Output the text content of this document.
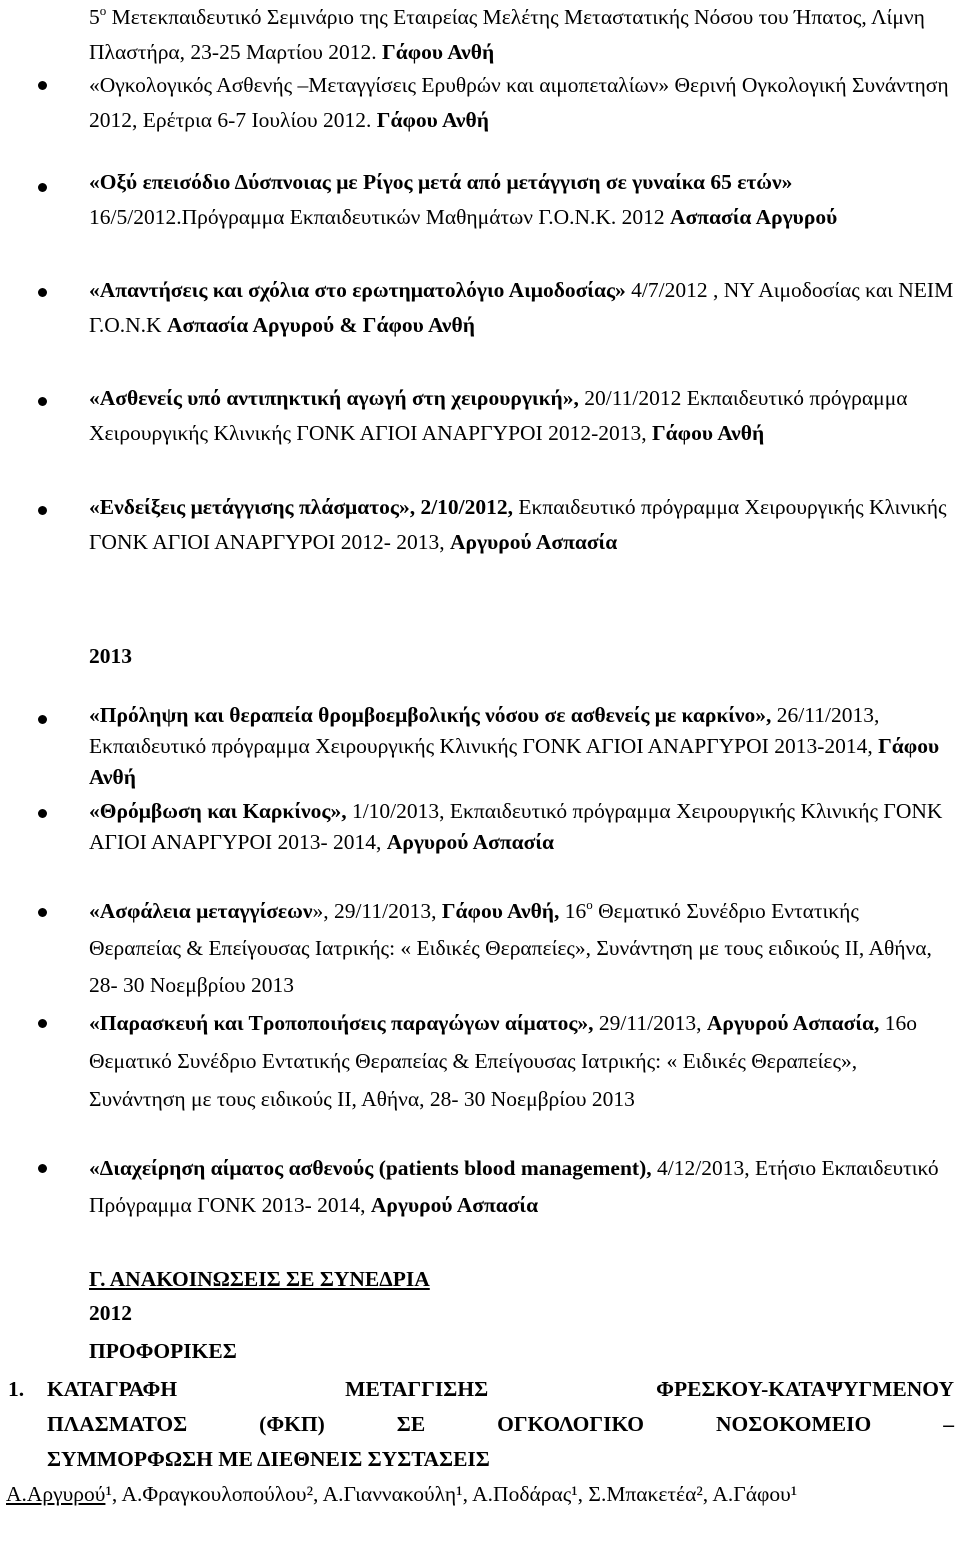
$5^o$ Μετεκπαιδευτικό Σεμινάριο της Εταιρείας Μελέτης Μεταστατικής Νόσου του Ήπατος, Λίμνη Πλαστήρα, 23-25 Μαρτίου 2012. Γάφου Ανθή
«Ογκολογικός Ασθενής –Μεταγγίσεις Ερυθρών και αιμοπεταλίων» Θερινή Ογκολογική Συνάντηση 2012, Ερέτρια 6-7 Ιουλίου 2012. Γάφου Ανθή
«Οξύ επεισόδιο Δύσπνοιας με Ρίγος μετά από μετάγγιση σε γυναίκα 65 ετών» 16/5/2012.Πρόγραμμα Εκπαιδευτικών Μαθημάτων Γ.Ο.Ν.Κ. 2012 Ασπασία Αργυρού
«Απαντήσεις και σχόλια στο ερωτηματολόγιο Αιμοδοσίας» 4/7/2012 , ΝΥ Αιμοδοσίας και ΝΕΙΜ Γ.Ο.Ν.Κ Ασπασία Αργυρού & Γάφου Ανθή
«Ασθενείς υπό αντιπηκτική αγωγή στη χειρουργική», 20/11/2012 Εκπαιδευτικό πρόγραμμα Χειρουργικής Κλινικής ΓΟΝΚ ΑΓΙΟΙ ΑΝΑΡΓΥΡΟΙ 2012-2013, Γάφου Ανθή
«Ενδείξεις μετάγγισης πλάσματος», 2/10/2012, Εκπαιδευτικό πρόγραμμα Χειρουργικής Κλινικής ΓΟΝΚ ΑΓΙΟΙ ΑΝΑΡΓΥΡΟΙ 2012- 2013, Αργυρού Ασπασία
2013
«Πρόληψη και θεραπεία θρομβοεμβολικής νόσου σε ασθενείς με καρκίνο», 26/11/2013, Εκπαιδευτικό πρόγραμμα Χειρουργικής Κλινικής ΓΟΝΚ ΑΓΙΟΙ ΑΝΑΡΓΥΡΟΙ 2013-2014, Γάφου Ανθή
«Θρόμβωση και Καρκίνος», 1/10/2013, Εκπαιδευτικό πρόγραμμα Χειρουργικής Κλινικής ΓΟΝΚ ΑΓΙΟΙ ΑΝΑΡΓΥΡΟΙ 2013- 2014, Αργυρού Ασπασία
«Ασφάλεια μεταγγίσεων», 29/11/2013, Γάφου Ανθή, $16^o$ Θεματικό Συνέδριο Εντατικής Θεραπείας & Επείγουσας Ιατρικής: « Ειδικές Θεραπείες», Συνάντηση με τους ειδικούς ΙΙ, Αθήνα, 28- 30 Νοεμβρίου 2013
«Παρασκευή και Τροποποιήσεις παραγώγων αίματος», 29/11/2013, Αργυρού Ασπασία, 16ο Θεματικό Συνέδριο Εντατικής Θεραπείας & Επείγουσας Ιατρικής: « Ειδικές Θεραπείες», Συνάντηση με τους ειδικούς ΙΙ, Αθήνα, 28- 30 Νοεμβρίου 2013
«Διαχείρηση αίματος ασθενούς (patients blood management), 4/12/2013, Ετήσιο Εκπαιδευτικό Πρόγραμμα ΓΟΝΚ 2013- 2014, Αργυρού Ασπασία
Γ. ΑΝΑΚΟΙΝΩΣΕΙΣ ΣΕ ΣΥΝΕΔΡΙΑ
2012
ΠΡΟΦΟΡΙΚΕΣ
1. ΚΑΤΑΓΡΑΦΗ ΜΕΤΑΓΓΙΣΗΣ ΦΡΕΣΚΟΥ-ΚΑΤΑΨΥΓΜΕΝΟΥ
ΠΛΑΣΜΑΤΟΣ (ΦΚΠ) ΣΕ ΟΓΚΟΛΟΓΙΚΟ ΝΟΣΟΚΟΜΕΙΟ –
ΣΥΜΜΟΡΦΩΣΗ ΜΕ ΔΙΕΘΝΕΙΣ ΣΥΣΤΑΣΕΙΣ
Α.Αργυρού¹, Α.Φραγκουλοπούλου², Α.Γιαννακούλη¹, Α.Ποδάρας¹, Σ.Μπακετέα², Α.Γάφου¹
